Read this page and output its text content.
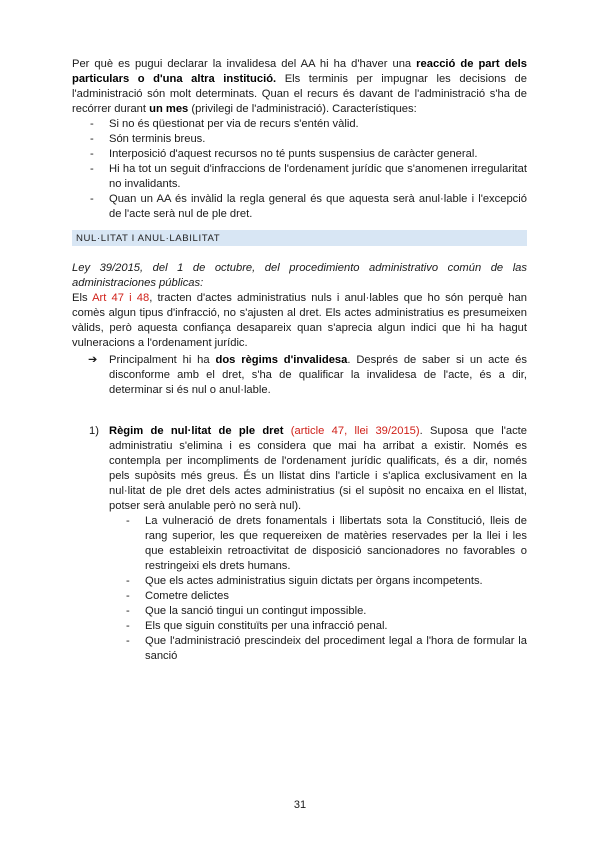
Per què es pugui declarar la invalidesa del AA hi ha d'haver una reacció de part dels particulars o d'una altra institució. Els terminis per impugnar les decisions de l'administració són molt determinats. Quan el recurs és davant de l'administració s'ha de recórrer durant un mes (privilegi de l'administració). Característiques:

- Si no és qüestionat per via de recurs s'entén vàlid.
- Són terminis breus.
- Interposició d'aquest recursos no té punts suspensius de caràcter general.
- Hi ha tot un seguit d'infraccions de l'ordenament jurídic que s'anomenen irregularitat no invalidants.
- Quan un AA és invàlid la regla general és que aquesta serà anul·lable i l'excepció de l'acte serà nul de ple dret.
NUL·LITAT I ANUL·LABILITAT

Ley 39/2015, del 1 de octubre, del procedimiento administrativo común de las administraciones públicas:

Els Art 47 i 48, tracten d'actes administratius nuls i anul·lables que ho són perquè han comès algun tipus d'infracció, no s'ajusten al dret. Els actes administratius es presumeixen vàlids, però aquesta confiança desapareix quan s'aprecia algun indici que hi ha hagut vulneracions a l'ordenament jurídic.

➔ Principalment hi ha dos règims d'invalidesa. Després de saber si un acte és disconforme amb el dret, s'ha de qualificar la invalidesa de l'acte, és a dir, determinar si és nul o anul·lable.

1) Règim de nul·litat de ple dret (article 47, llei 39/2015). Suposa que l'acte administratiu s'elimina i es considera que mai ha arribat a existir. Només es contempla per incompliments de l'ordenament jurídic qualificats, és a dir, només pels supòsits més greus. És un llistat dins l'article i s'aplica exclusivament en la nul·litat de ple dret dels actes administratius (si el supòsit no encaixa en el llistat, potser serà anulable però no serà nul).

- La vulneració de drets fonamentals i llibertats sota la Constitució, lleis de rang superior, les que requereixen de matèries reservades per la llei i les que estableixin retroactivitat de disposició sancionadores no favorables o restringeixi els drets humans.
- Que els actes administratius siguin dictats per òrgans incompetents.
- Cometre delictes
- Que la sanció tingui un contingut impossible.
- Els que siguin constituïts per una infracció penal.
- Que l'administració prescindeix del procediment legal a l'hora de formular la sanció
31
